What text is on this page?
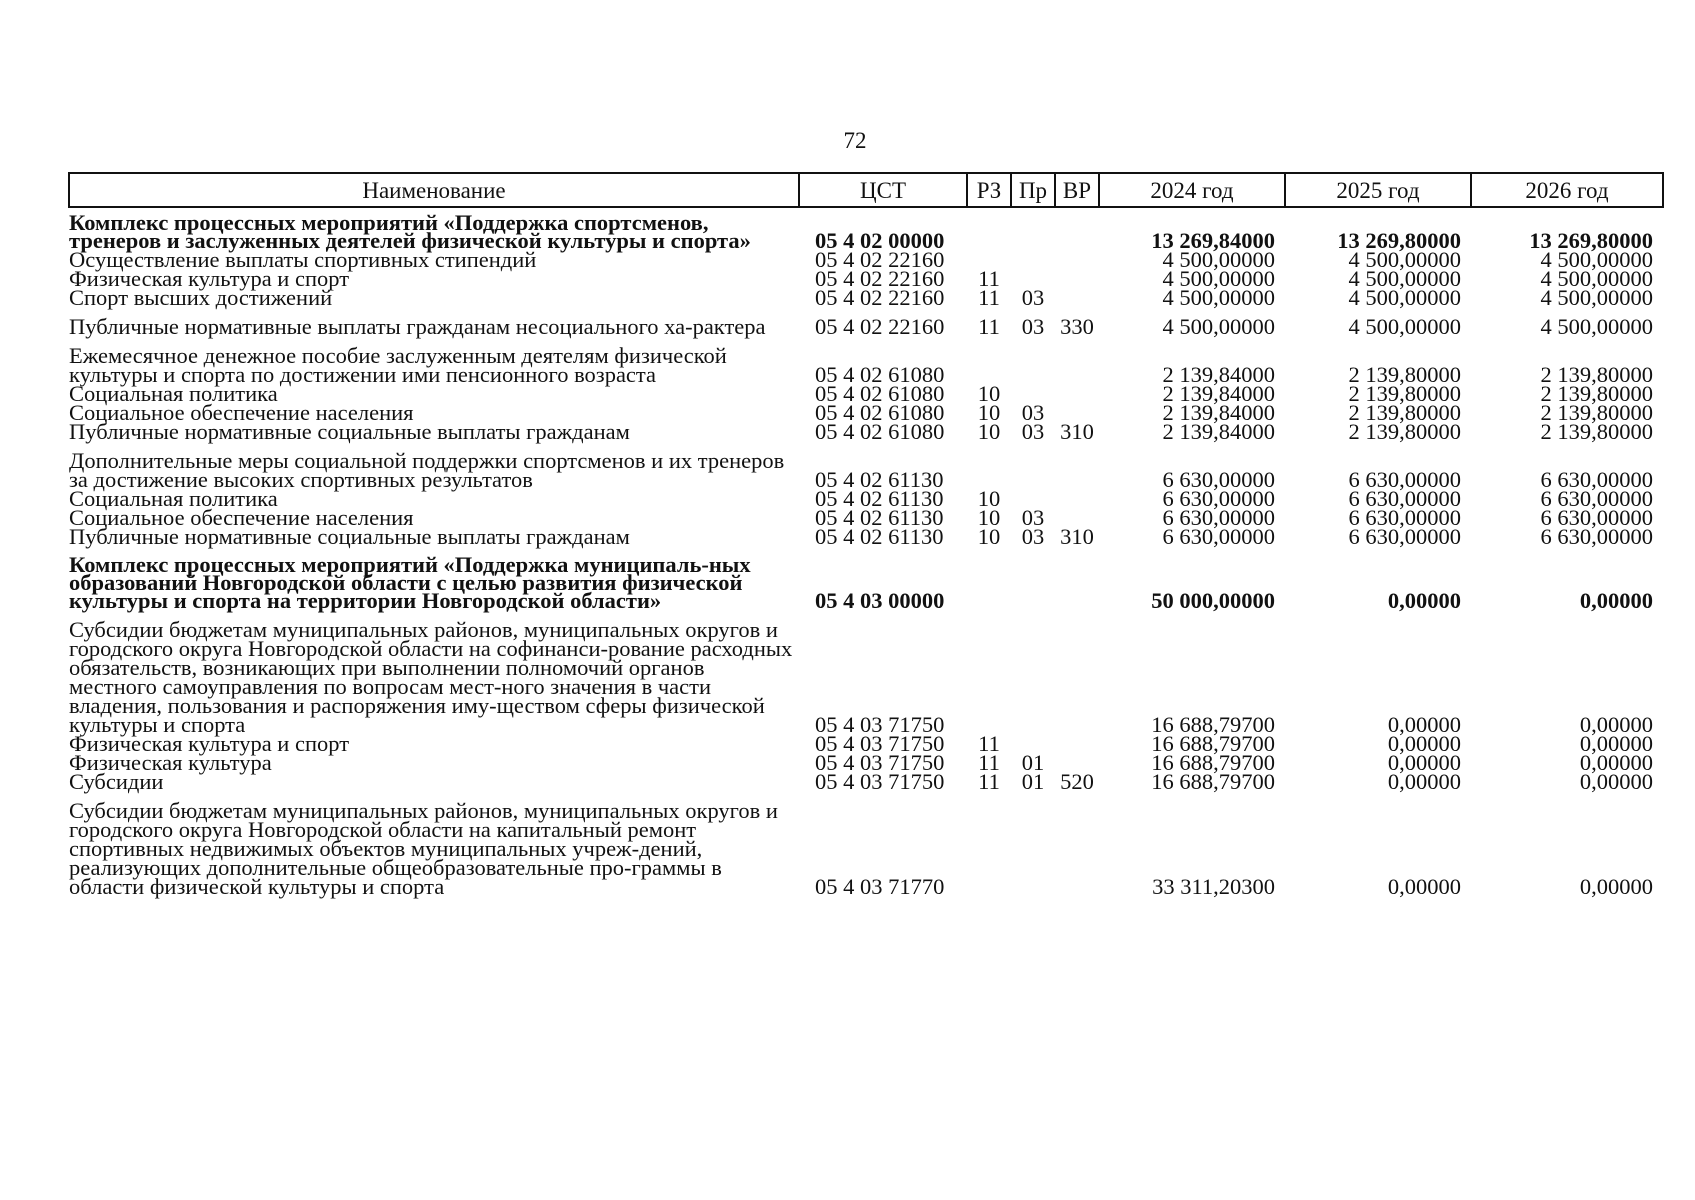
72
Наименование	ЦСТ	РЗ	Пр	ВР	2024 год	2025 год	2026 год
Комплекс процессных мероприятий «Поддержка спортсменов, тренеров и заслуженных деятелей физической культуры и спорта»	05 4 02 00000				13 269,84000	13 269,80000	13 269,80000
Осуществление выплаты спортивных стипендий	05 4 02 22160				4 500,00000	4 500,00000	4 500,00000
Физическая культура и спорт	05 4 02 22160	11			4 500,00000	4 500,00000	4 500,00000
Спорт высших достижений	05 4 02 22160	11	03		4 500,00000	4 500,00000	4 500,00000
Публичные нормативные выплаты гражданам несоциального ха-рактера	05 4 02 22160	11	03	330	4 500,00000	4 500,00000	4 500,00000
Ежемесячное денежное пособие заслуженным деятелям физической культуры и спорта по достижении ими пенсионного возраста	05 4 02 61080				2 139,84000	2 139,80000	2 139,80000
Социальная политика	05 4 02 61080	10			2 139,84000	2 139,80000	2 139,80000
Социальное обеспечение населения	05 4 02 61080	10	03		2 139,84000	2 139,80000	2 139,80000
Публичные нормативные социальные выплаты гражданам	05 4 02 61080	10	03	310	2 139,84000	2 139,80000	2 139,80000
Дополнительные меры социальной поддержки спортсменов и их тренеров за достижение высоких спортивных результатов	05 4 02 61130				6 630,00000	6 630,00000	6 630,00000
Социальная политика	05 4 02 61130	10			6 630,00000	6 630,00000	6 630,00000
Социальное обеспечение населения	05 4 02 61130	10	03		6 630,00000	6 630,00000	6 630,00000
Публичные нормативные социальные выплаты гражданам	05 4 02 61130	10	03	310	6 630,00000	6 630,00000	6 630,00000
Комплекс процессных мероприятий «Поддержка муниципаль-ных образований Новгородской области с целью развития физической культуры и спорта на территории Новгородской области»	05 4 03 00000				50 000,00000	0,00000	0,00000
Субсидии бюджетам муниципальных районов, муниципальных округов и городского округа Новгородской области на софинанси-рование расходных обязательств, возникающих при выполнении полномочий органов местного самоуправления по вопросам мест-ного значения в части владения, пользования и распоряжения иму-ществом сферы физической культуры и спорта	05 4 03 71750				16 688,79700	0,00000	0,00000
Физическая культура и спорт	05 4 03 71750	11			16 688,79700	0,00000	0,00000
Физическая культура	05 4 03 71750	11	01		16 688,79700	0,00000	0,00000
Субсидии	05 4 03 71750	11	01	520	16 688,79700	0,00000	0,00000
Субсидии бюджетам муниципальных районов, муниципальных округов и городского округа Новгородской области на капитальный ремонт спортивных недвижимых объектов муниципальных учреж-дений, реализующих дополнительные общеобразовательные про-граммы в области физической культуры и спорта	05 4 03 71770				33 311,20300	0,00000	0,00000
